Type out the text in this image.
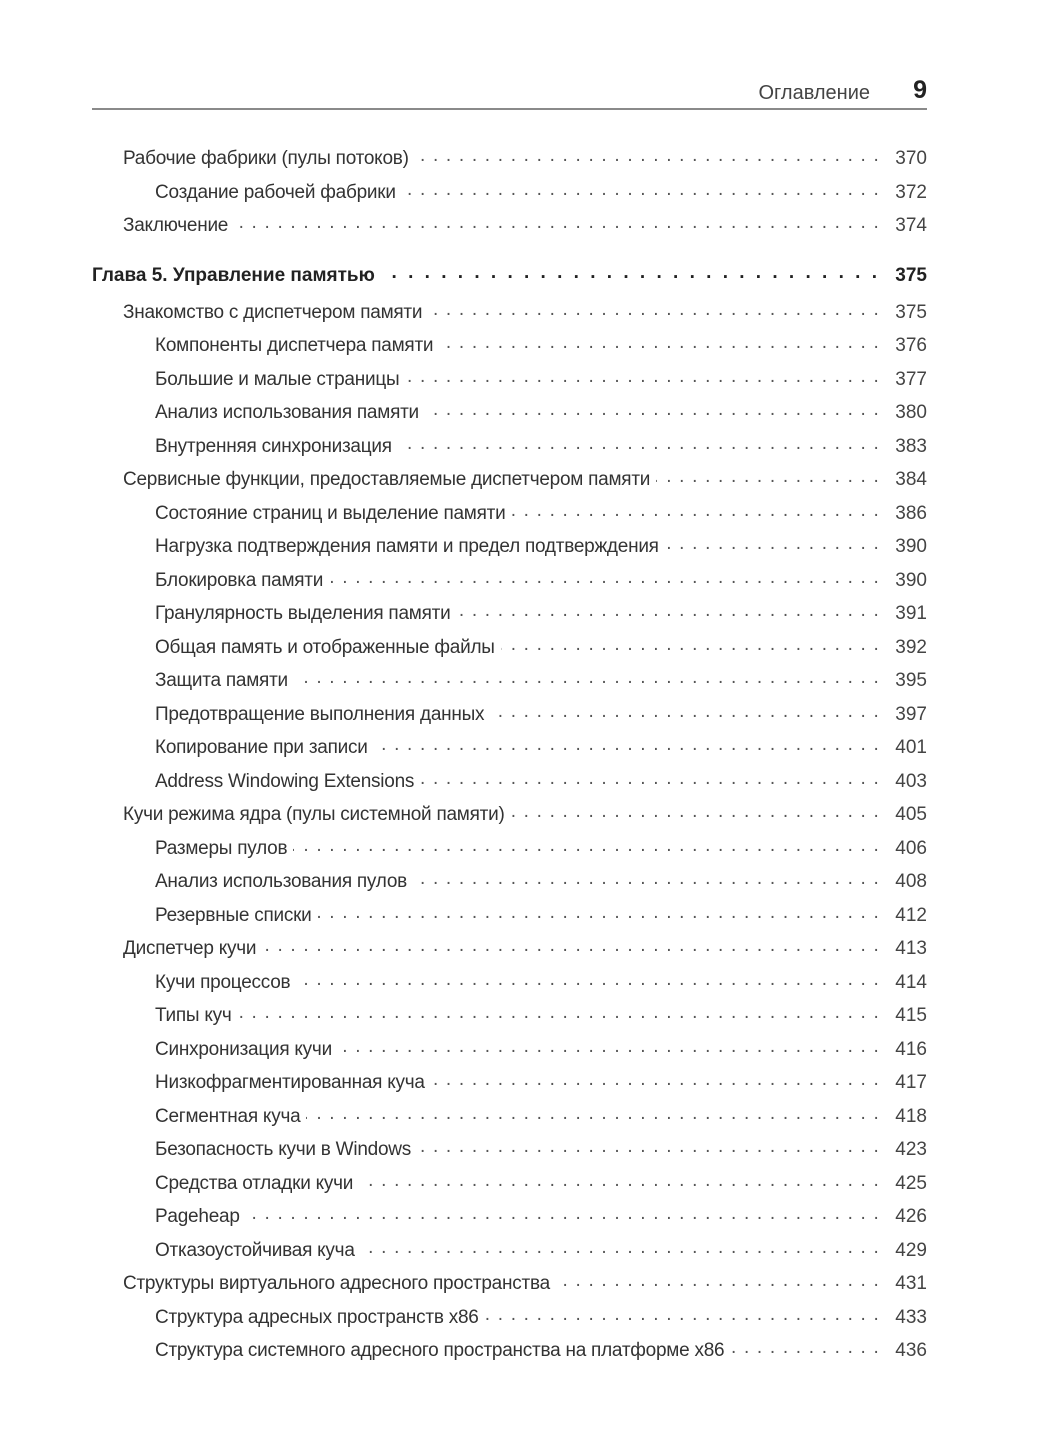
Оглавление 9
Рабочие фабрики (пулы потоков) . . .	370
Создание рабочей фабрики . . .	372
Заключение . . .	374
Глава 5. Управление памятью . . .	375
Знакомство с диспетчером памяти . . .	375
Компоненты диспетчера памяти . . .	376
Большие и малые страницы . . .	377
Анализ использования памяти . . .	380
Внутренняя синхронизация . . .	383
Сервисные функции, предоставляемые диспетчером памяти . . .	384
Состояние страниц и выделение памяти . . .	386
Нагрузка подтверждения памяти и предел подтверждения . . .	390
Блокировка памяти . . .	390
Гранулярность выделения памяти . . .	391
Общая память и отображенные файлы . . .	392
Защита памяти . . .	395
Предотвращение выполнения данных . . .	397
Копирование при записи . . .	401
Address Windowing Extensions . . .	403
Кучи режима ядра (пулы системной памяти) . . .	405
Размеры пулов . . .	406
Анализ использования пулов . . .	408
Резервные списки . . .	412
Диспетчер кучи . . .	413
Кучи процессов . . .	414
Типы куч . . .	415
Синхронизация кучи . . .	416
Низкофрагментированная куча . . .	417
Сегментная куча . . .	418
Безопасность кучи в Windows . . .	423
Средства отладки кучи . . .	425
Pageheap . . .	426
Отказоустойчивая куча . . .	429
Структуры виртуального адресного пространства . . .	431
Структура адресных пространств x86 . . .	433
Структура системного адресного пространства на платформе x86 . . .	436
